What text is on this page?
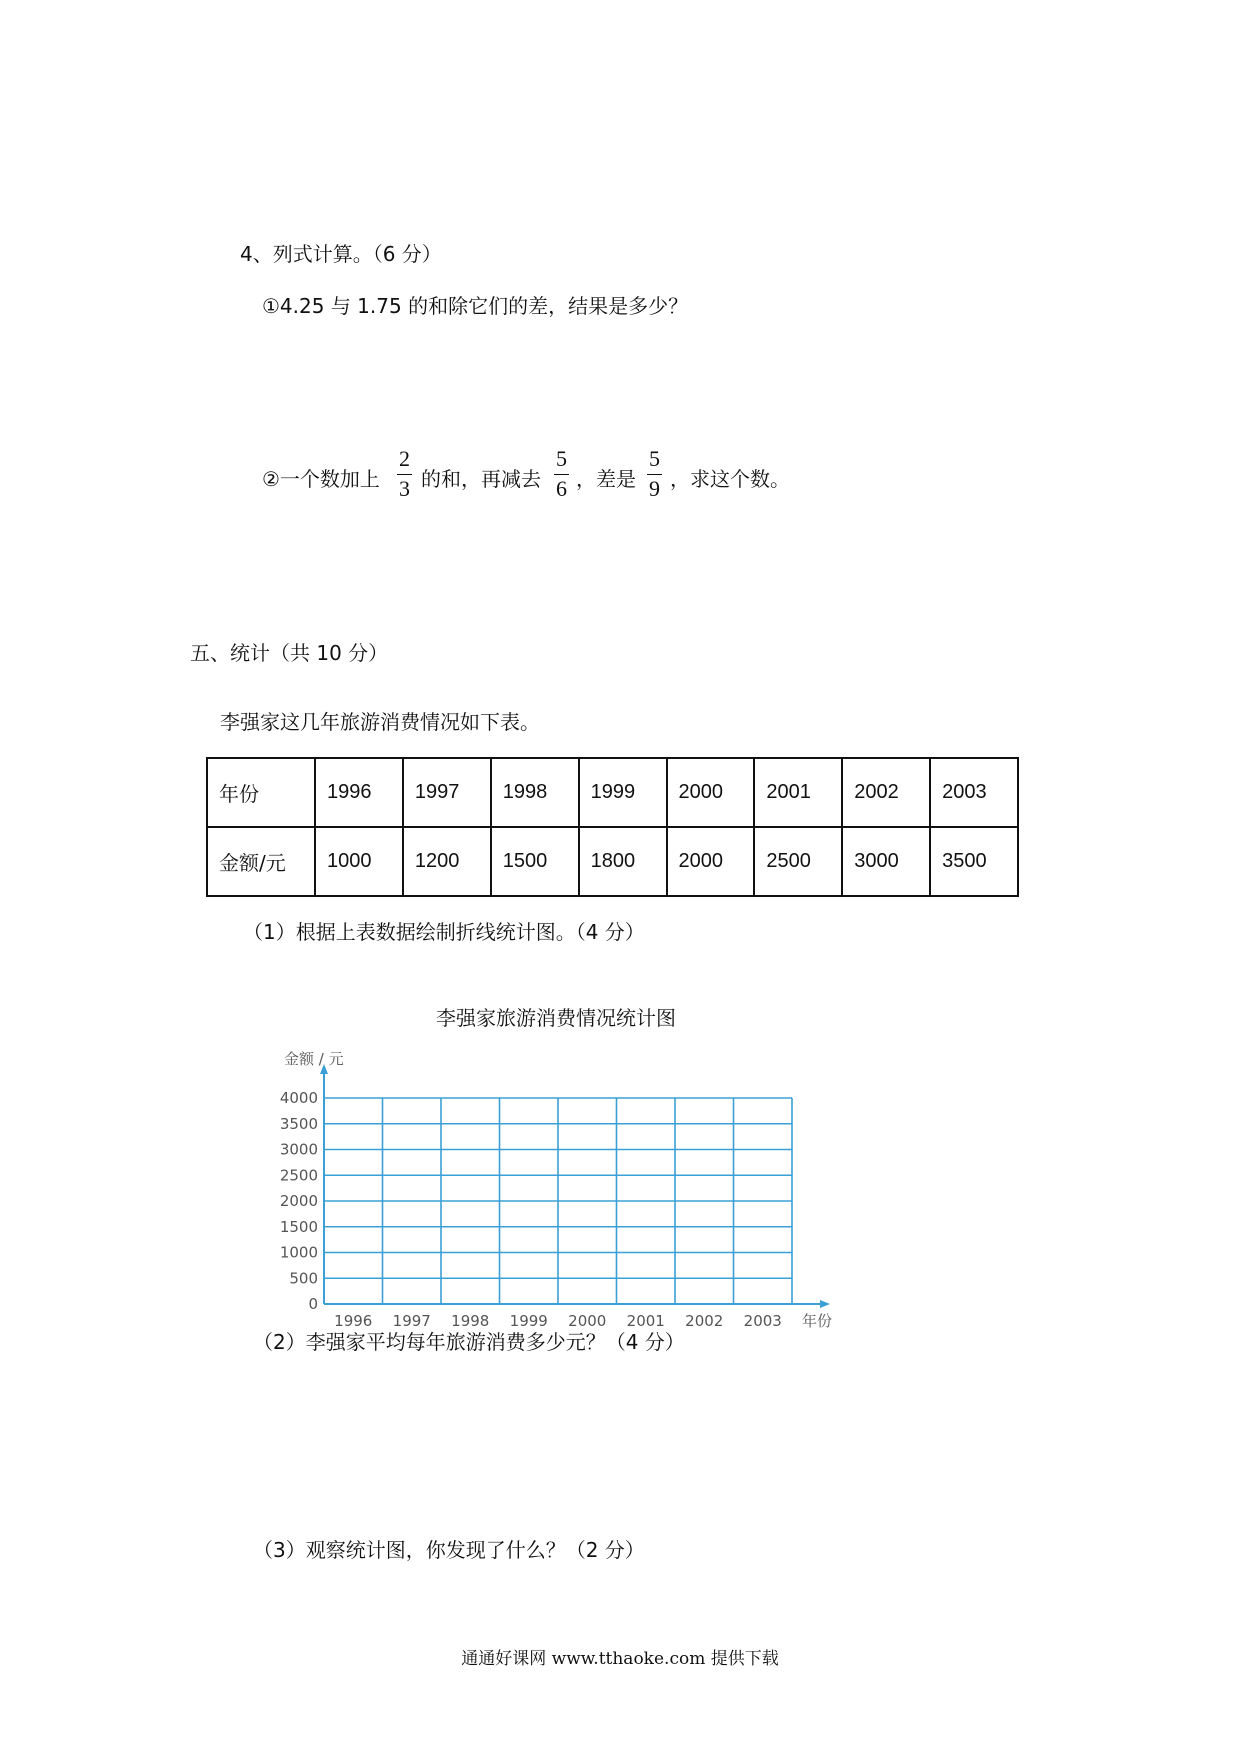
4、列式计算。（6 分）
①4.25 与 1.75 的和除它们的差，结果是多少？
②一个数加上
2
3 的和，再减去
5
6 ，差是
5
9 ，求这个数。
五、统计（共 10 分）
李强家这几年旅游消费情况如下表。
年份	1996	1997	1998	1999	2000	2001	2002	2003
金额/元	1000	1200	1500	1800	2000	2500	3000	3500
（1）根据上表数据绘制折线统计图。（4 分）
李强家旅游消费情况统计图
0
500
1000
1500
2000
2500
3000
3500
4000
1996 1997 1998 1999 2000 2001 2002 2003
金额 / 元
年份
（2）李强家平均每年旅游消费多少元？（4 分）
（3）观察统计图，你发现了什么？（2 分）
通通好课网 www.tthaoke.com 提供下载
